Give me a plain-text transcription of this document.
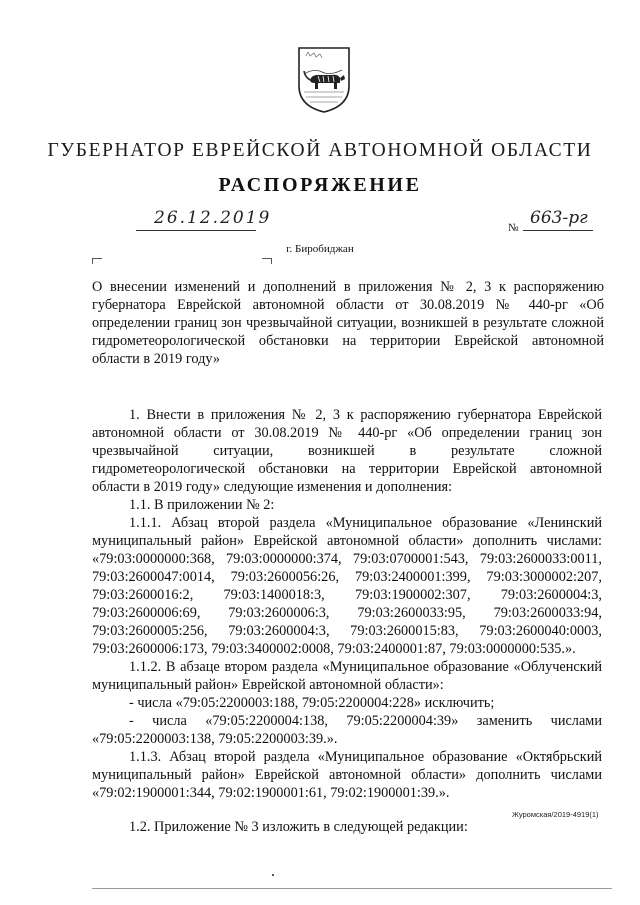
ГУБЕРНАТОР ЕВРЕЙСКОЙ АВТОНОМНОЙ ОБЛАСТИ
РАСПОРЯЖЕНИЕ
26.12.2019	№ 663-рг
г. Биробиджан
О внесении изменений и дополнений в приложения № 2, 3 к распоряжению губернатора Еврейской автономной области от 30.08.2019 № 440-рг «Об определении границ зон чрезвычайной ситуации, возникшей в результате сложной гидрометеорологической обстановки на территории Еврейской автономной области в 2019 году»

1. Внести в приложения № 2, 3 к распоряжению губернатора Еврейской автономной области от 30.08.2019 № 440-рг «Об определении границ зон чрезвычайной ситуации, возникшей в результате сложной гидрометеорологической обстановки на территории Еврейской автономной области в 2019 году» следующие изменения и дополнения:

1.1. В приложении № 2:

1.1.1. Абзац второй раздела «Муниципальное образование «Ленинский муниципальный район» Еврейской автономной области» дополнить числами: «79:03:0000000:368, 79:03:0000000:374, 79:03:0700001:543, 79:03:2600033:0011, 79:03:2600047:0014, 79:03:2600056:26, 79:03:2400001:399, 79:03:3000002:207, 79:03:2600016:2, 79:03:1400018:3, 79:03:1900002:307, 79:03:2600004:3, 79:03:2600006:69, 79:03:2600006:3, 79:03:2600033:95, 79:03:2600033:94, 79:03:2600005:256, 79:03:2600004:3, 79:03:2600015:83, 79:03:2600040:0003, 79:03:2600006:173, 79:03:3400002:0008, 79:03:2400001:87, 79:03:0000000:535.».

1.1.2. В абзаце втором раздела «Муниципальное образование «Облученский муниципальный район» Еврейской автономной области»:

- числа «79:05:2200003:188, 79:05:2200004:228» исключить;

- числа «79:05:2200004:138, 79:05:2200004:39» заменить числами «79:05:2200003:138, 79:05:2200003:39.».

1.1.3. Абзац второй раздела «Муниципальное образование «Октябрьский муниципальный район» Еврейской автономной области» дополнить числами «79:02:1900001:344, 79:02:1900001:61, 79:02:1900001:39.».

1.2. Приложение № 3 изложить в следующей редакции:

Журомская/2019-4919(1)
